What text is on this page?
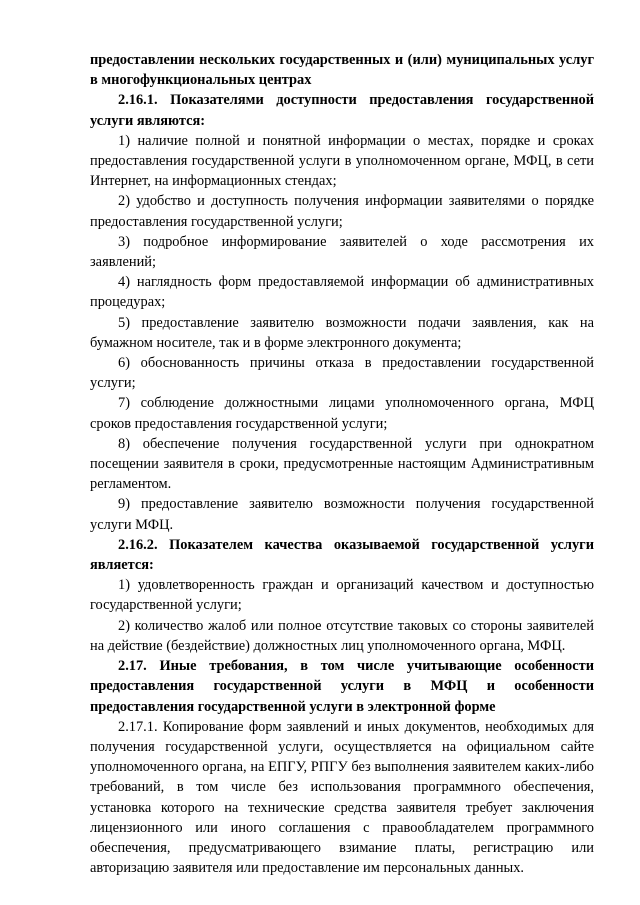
предоставлении нескольких государственных и (или) муниципальных услуг в многофункциональных центрах

2.16.1. Показателями доступности предоставления государственной услуги являются:

1) наличие полной и понятной информации о местах, порядке и сроках предоставления государственной услуги в уполномоченном органе, МФЦ, в сети Интернет, на информационных стендах;

2) удобство и доступность получения информации заявителями о порядке предоставления государственной услуги;

3) подробное информирование заявителей о ходе рассмотрения их заявлений;

4) наглядность форм предоставляемой информации об административных процедурах;

5) предоставление заявителю возможности подачи заявления, как на бумажном носителе, так и в форме электронного документа;

6) обоснованность причины отказа в предоставлении государственной услуги;

7) соблюдение должностными лицами уполномоченного органа, МФЦ сроков предоставления государственной услуги;

8) обеспечение получения государственной услуги при однократном посещении заявителя в сроки, предусмотренные настоящим Административным регламентом.

9) предоставление заявителю возможности получения государственной услуги МФЦ.

2.16.2. Показателем качества оказываемой государственной услуги является:

1) удовлетворенность граждан и организаций качеством и доступностью государственной услуги;

2) количество жалоб или полное отсутствие таковых со стороны заявителей на действие (бездействие) должностных лиц уполномоченного органа, МФЦ.

2.17. Иные требования, в том числе учитывающие особенности предоставления государственной услуги в МФЦ и особенности предоставления государственной услуги в электронной форме

2.17.1. Копирование форм заявлений и иных документов, необходимых для получения государственной услуги, осуществляется на официальном сайте уполномоченного органа, на ЕПГУ, РПГУ без выполнения заявителем каких-либо требований, в том числе без использования программного обеспечения, установка которого на технические средства заявителя требует заключения лицензионного или иного соглашения с правообладателем программного обеспечения, предусматривающего взимание платы, регистрацию или авторизацию заявителя или предоставление им персональных данных.
